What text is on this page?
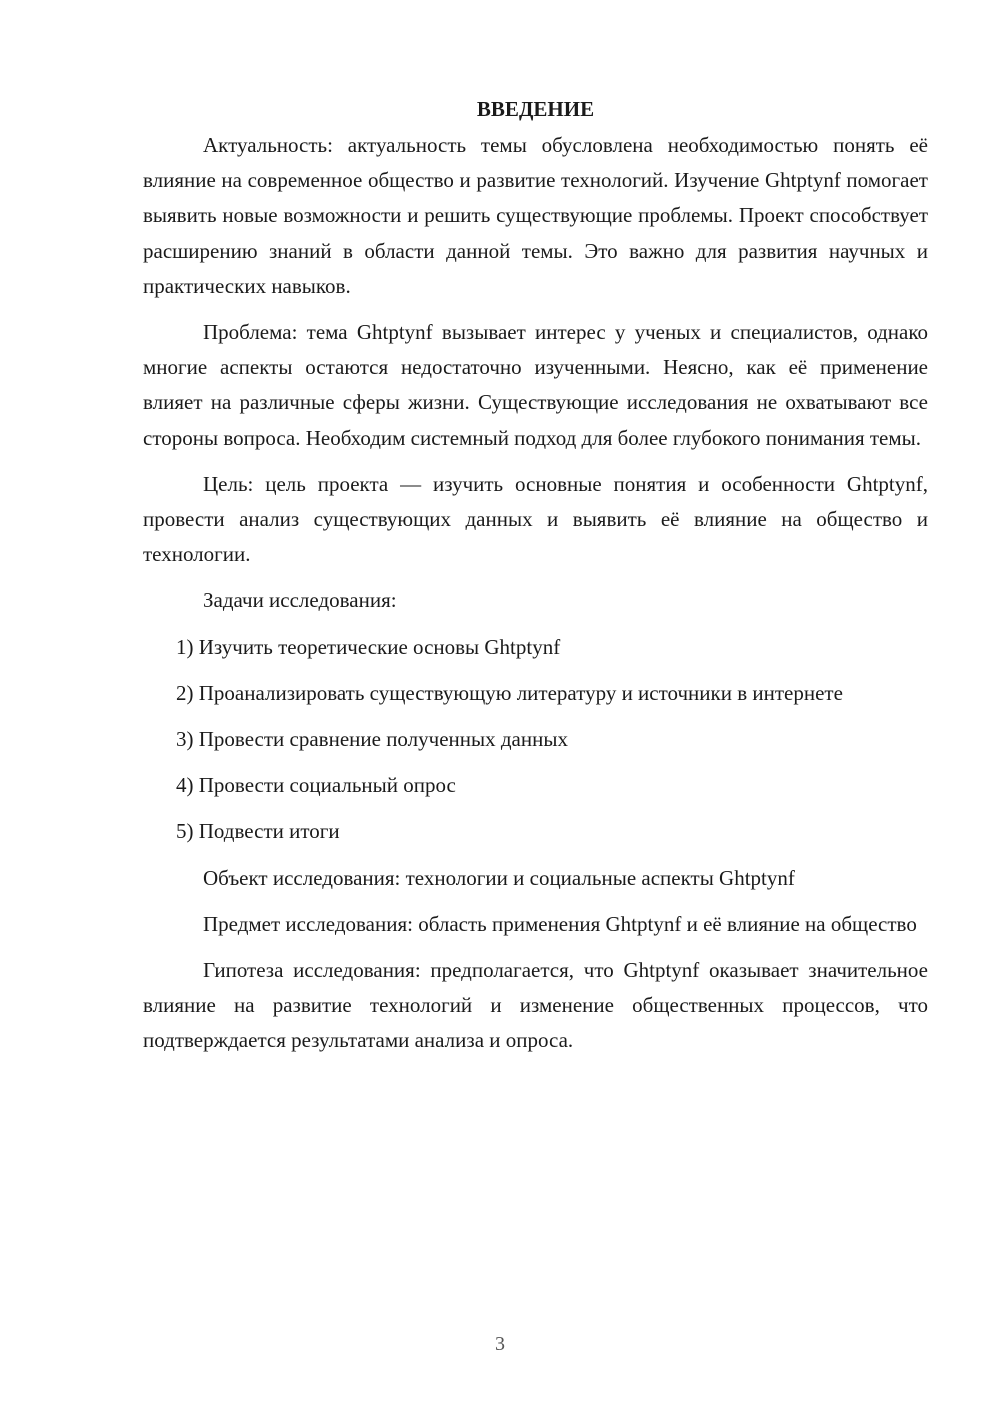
ВВЕДЕНИЕ

Актуальность: актуальность темы обусловлена необходимостью понять её влияние на современное общество и развитие технологий. Изучение Ghtptynf помогает выявить новые возможности и решить существующие проблемы. Проект способствует расширению знаний в области данной темы. Это важно для развития научных и практических навыков.

Проблема: тема Ghtptynf вызывает интерес у ученых и специалистов, однако многие аспекты остаются недостаточно изученными. Неясно, как её применение влияет на различные сферы жизни. Существующие исследования не охватывают все стороны вопроса. Необходим системный подход для более глубокого понимания темы.

Цель: цель проекта — изучить основные понятия и особенности Ghtptynf, провести анализ существующих данных и выявить её влияние на общество и технологии.

Задачи исследования:

1) Изучить теоретические основы Ghtptynf

2) Проанализировать существующую литературу и источники в интернете

3) Провести сравнение полученных данных

4) Провести социальный опрос

5) Подвести итоги

Объект исследования: технологии и социальные аспекты Ghtptynf

Предмет исследования: область применения Ghtptynf и её влияние на общество

Гипотеза исследования: предполагается, что Ghtptynf оказывает значительное влияние на развитие технологий и изменение общественных процессов, что подтверждается результатами анализа и опроса.

3
